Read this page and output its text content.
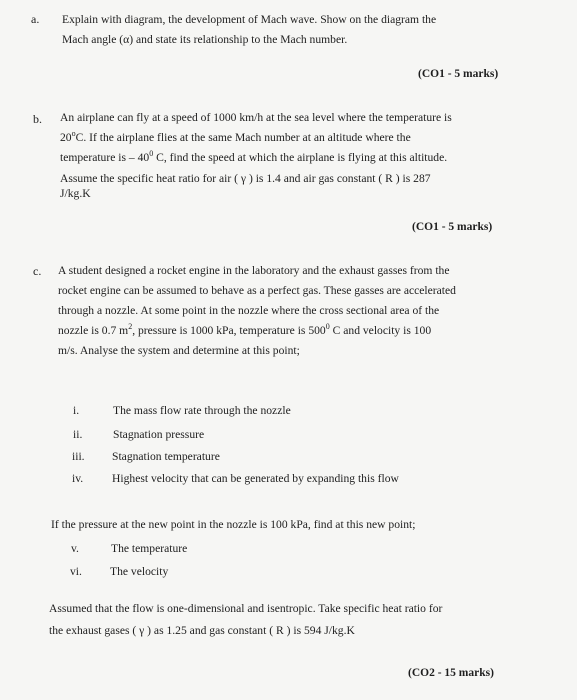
a. Explain with diagram, the development of Mach wave. Show on the diagram the
Mach angle (α) and state its relationship to the Mach number.
(CO1 - 5 marks)
b. An airplane can fly at a speed of 1000 km/h at the sea level where the temperature is
20$^o$C. If the airplane flies at the same Mach number at an altitude where the
temperature is – $40^0$ C, find the speed at which the airplane is flying at this altitude.
Assume the specific heat ratio for air ( γ ) is 1.4 and air gas constant ( R ) is 287
J/kg.K
(CO1 - 5 marks)
c. A student designed a rocket engine in the laboratory and the exhaust gasses from the
rocket engine can be assumed to behave as a perfect gas. These gasses are accelerated
through a nozzle. At some point in the nozzle where the cross sectional area of the
nozzle is 0.7 $m^2$, pressure is 1000 kPa, temperature is $500^0$ C and velocity is 100
m/s. Analyse the system and determine at this point;
i.	The mass flow rate through the nozzle
ii.	Stagnation pressure
iii. Stagnation temperature
iv. Highest velocity that can be generated by expanding this flow
If the pressure at the new point in the nozzle is 100 kPa, find at this new point;
v.	The temperature
vi. The velocity
Assumed that the flow is one-dimensional and isentropic. Take specific heat ratio for
the exhaust gases ( γ ) as 1.25 and gas constant ( R ) is 594 J/kg.K
(CO2 - 15 marks)
